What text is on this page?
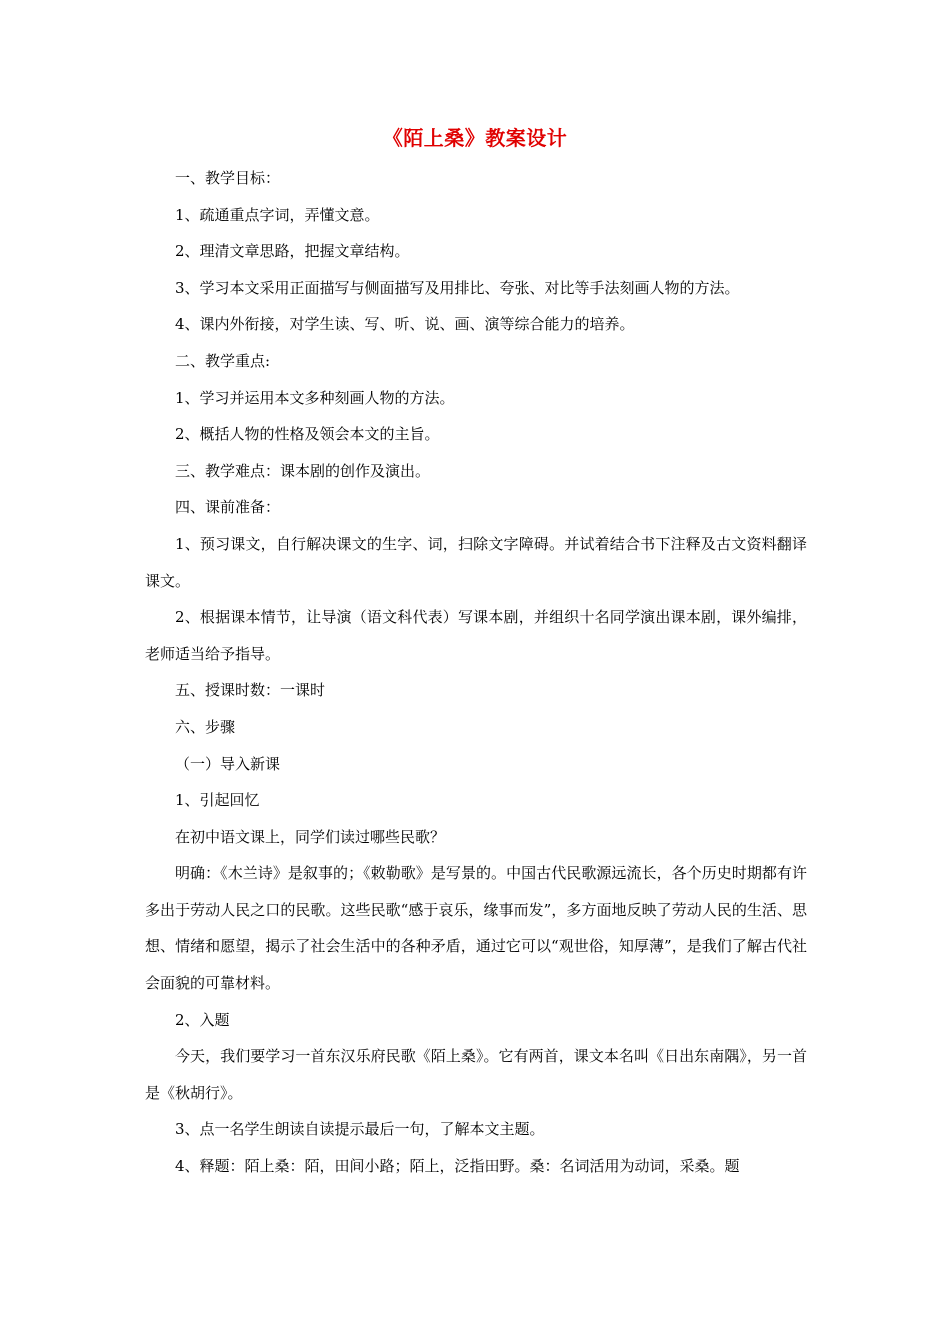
《陌上桑》教案设计

一、教学目标：

1、疏通重点字词，弄懂文意。

2、理清文章思路，把握文章结构。

3、学习本文采用正面描写与侧面描写及用排比、夸张、对比等手法刻画人物的方法。

4、课内外衔接，对学生读、写、听、说、画、演等综合能力的培养。

二、教学重点:

1、学习并运用本文多种刻画人物的方法。

2、概括人物的性格及领会本文的主旨。

三、教学难点：课本剧的创作及演出。

四、课前准备：

1、预习课文，自行解决课文的生字、词，扫除文字障碍。并试着结合书下注释及古文资料翻译课文。

2、根据课本情节，让导演（语文科代表）写课本剧，并组织十名同学演出课本剧，课外编排，老师适当给予指导。

五、授课时数：一课时

六、步骤

（一）导入新课

1、引起回忆

在初中语文课上，同学们读过哪些民歌？

明确：《木兰诗》是叙事的；《敕勒歌》是写景的。中国古代民歌源远流长，各个历史时期都有许多出于劳动人民之口的民歌。这些民歌“感于哀乐，缘事而发”，多方面地反映了劳动人民的生活、思想、情绪和愿望，揭示了社会生活中的各种矛盾，通过它可以“观世俗，知厚薄”，是我们了解古代社会面貌的可靠材料。

2、入题

今天，我们要学习一首东汉乐府民歌《陌上桑》。它有两首，课文本名叫《日出东南隅》，另一首是《秋胡行》。

3、点一名学生朗读自读提示最后一句，了解本文主题。

4、释题：陌上桑：陌，田间小路；陌上，泛指田野。桑：名词活用为动词，采桑。题
